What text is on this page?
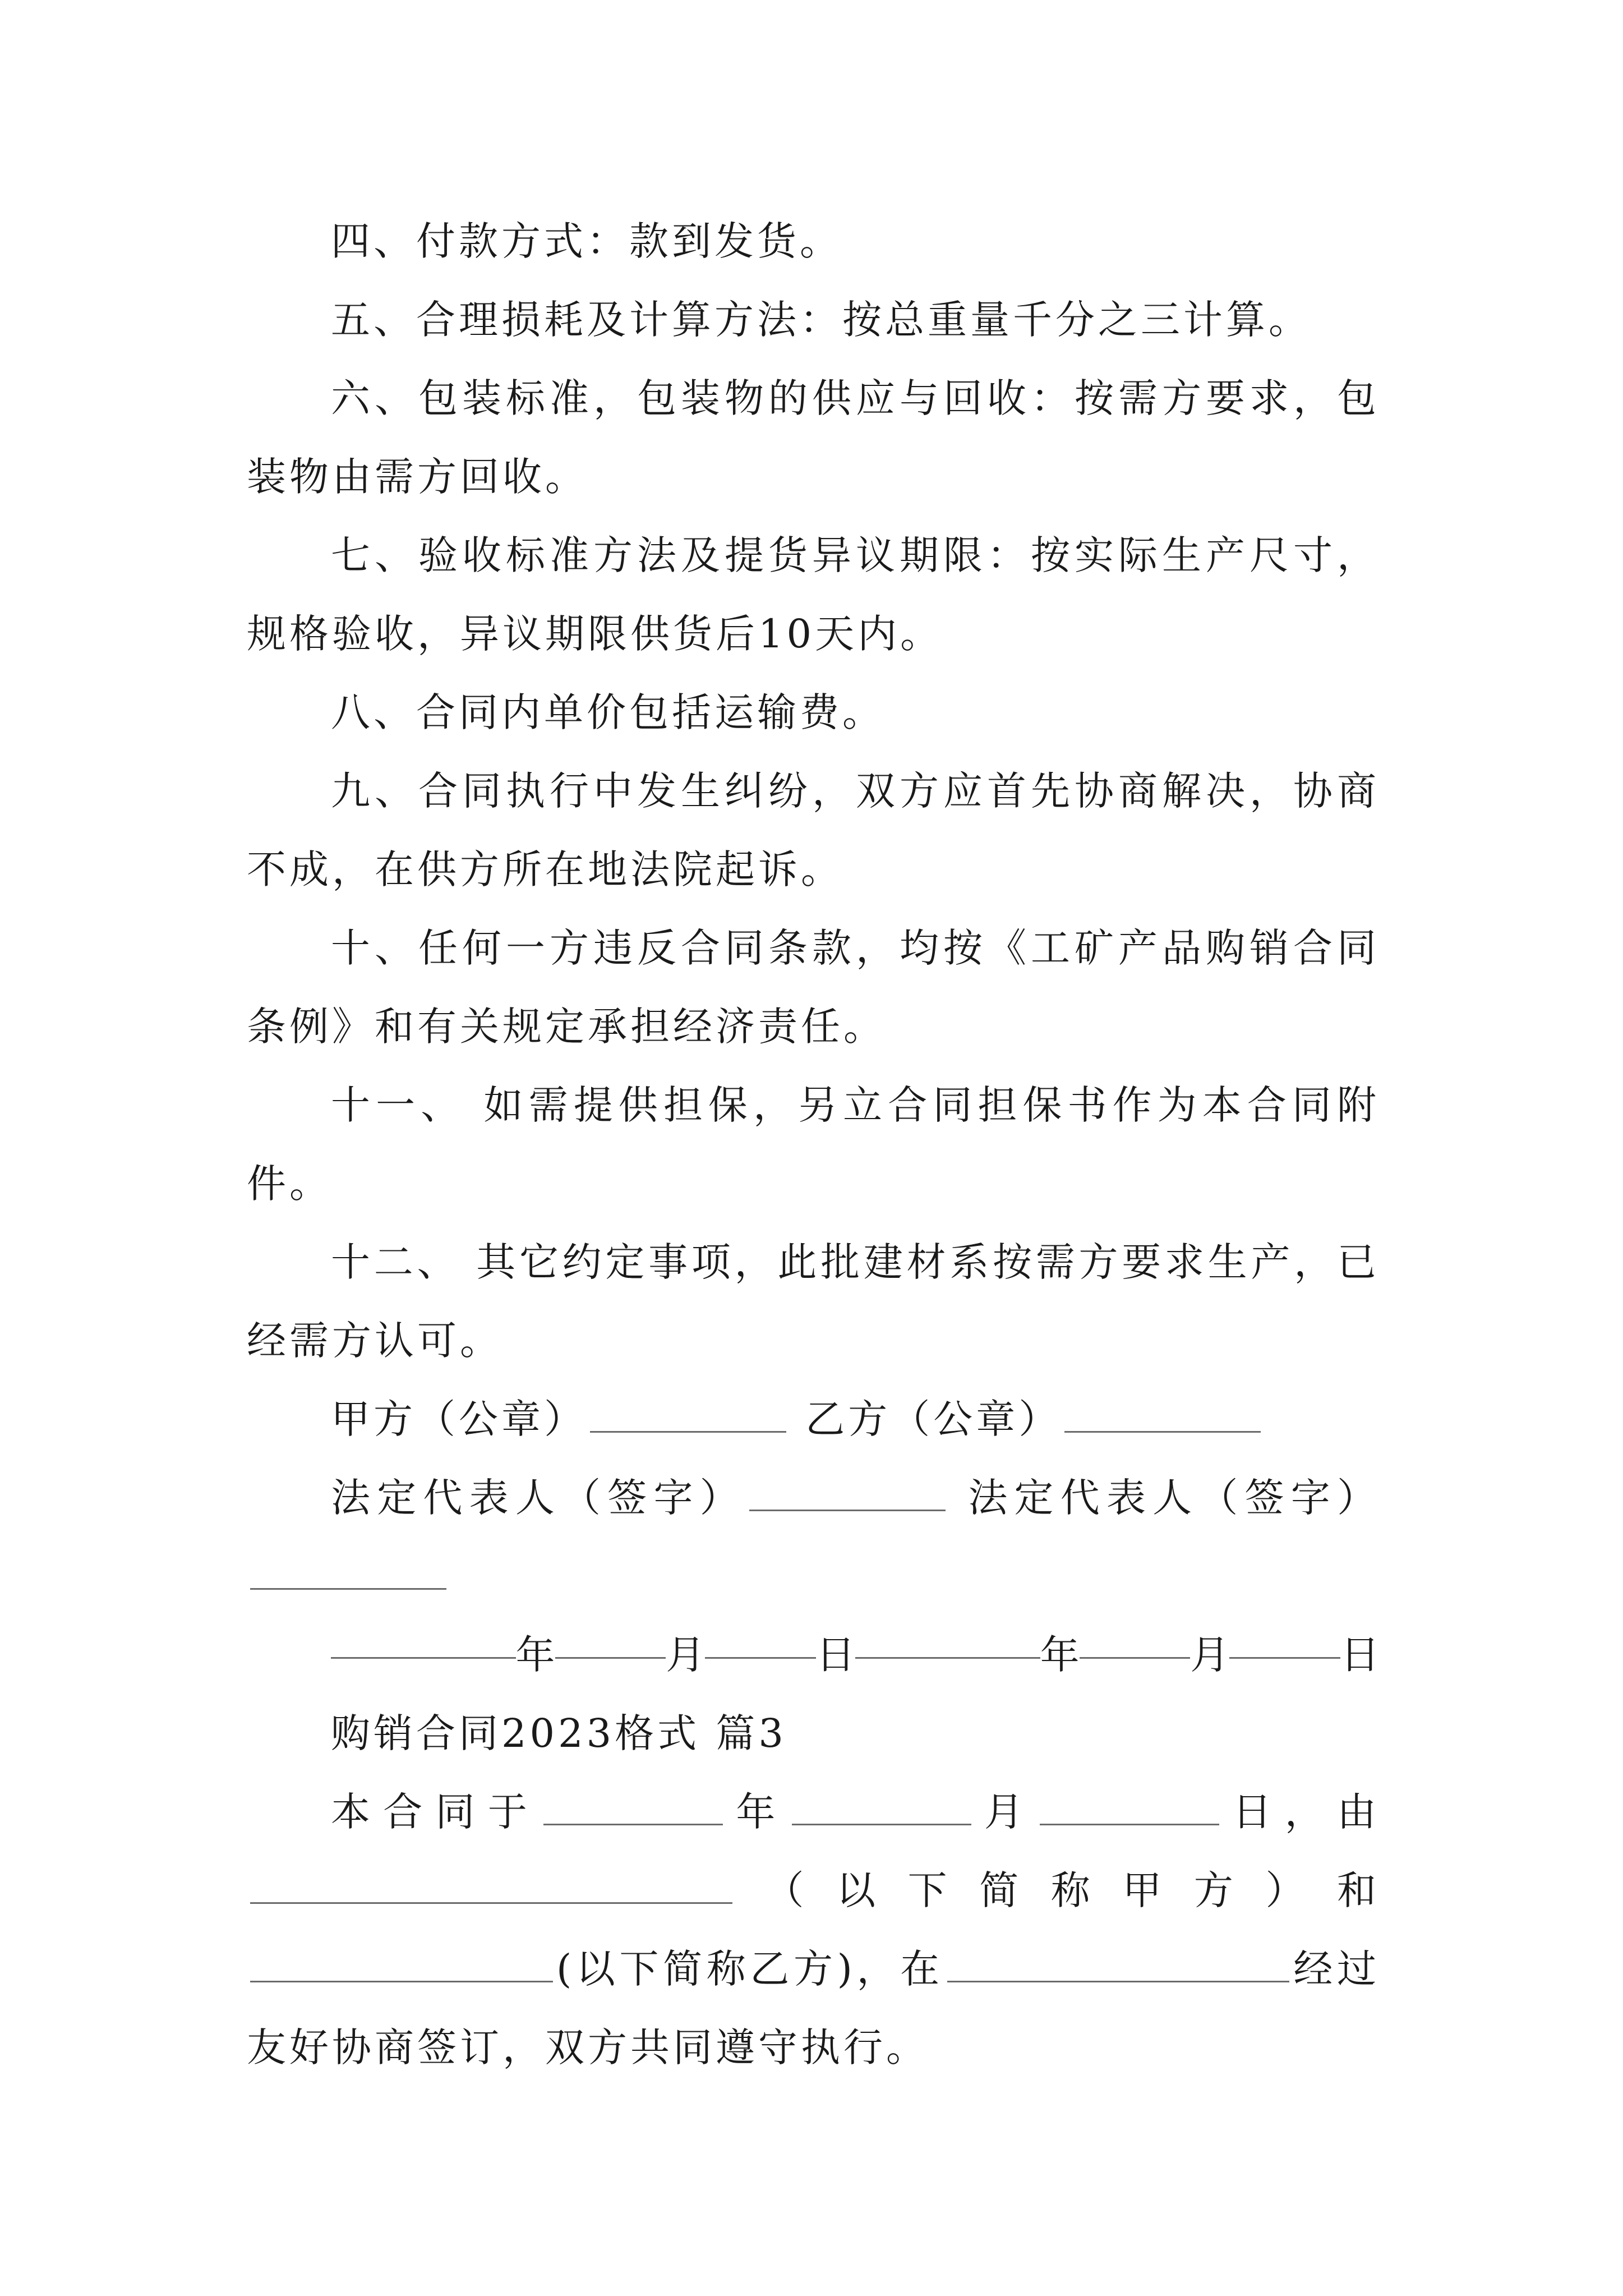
四、付款方式：款到发货。

五、合理损耗及计算方法：按总重量千分之三计算。

六、包装标准，包装物的供应与回收：按需方要求，包装物由需方回收。

七、验收标准方法及提货异议期限：按实际生产尺寸，规格验收，异议期限供货后10天内。

八、合同内单价包括运输费。

九、合同执行中发生纠纷，双方应首先协商解决，协商不成，在供方所在地法院起诉。

十、任何一方违反合同条款，均按《工矿产品购销合同条例》和有关规定承担经济责任。

十一、 如需提供担保，另立合同担保书作为本合同附件。

十二、 其它约定事项，此批建材系按需方要求生产，已经需方认可。

甲方（公章）	乙方（公章）

法定代表人（签字）	法定代表人（签字）

年	月	日	年	月	日

购销合同2023格式 篇3

本合同于	年	月	日，由（以下简称甲方）和(以下简称乙方)，在	经过友好协商签订，双方共同遵守执行。
